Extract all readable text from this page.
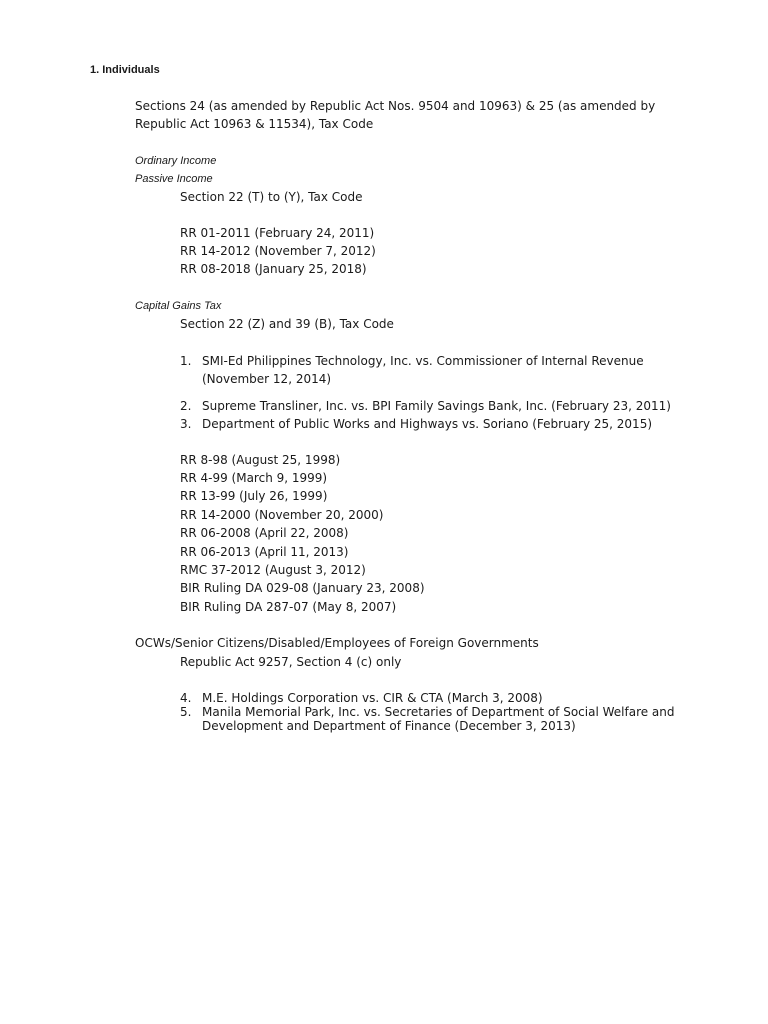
1. Individuals
Sections 24 (as amended by Republic Act Nos. 9504 and 10963) & 25 (as amended by
Republic Act 10963 & 11534), Tax Code
Ordinary Income
Passive Income
Section 22 (T) to (Y), Tax Code
RR 01-2011 (February 24, 2011)
RR 14-2012 (November 7, 2012)
RR 08-2018 (January 25, 2018)
Capital Gains Tax
Section 22 (Z) and 39 (B), Tax Code
1. SMI-Ed Philippines Technology, Inc. vs. Commissioner of Internal Revenue
(November 12, 2014)
2. Supreme Transliner, Inc. vs. BPI Family Savings Bank, Inc. (February 23, 2011)
3. Department of Public Works and Highways vs. Soriano (February 25, 2015)
RR 8-98 (August 25, 1998)
RR 4-99 (March 9, 1999)
RR 13-99 (July 26, 1999)
RR 14-2000 (November 20, 2000)
RR 06-2008 (April 22, 2008)
RR 06-2013 (April 11, 2013)
RMC 37-2012 (August 3, 2012)
BIR Ruling DA 029-08 (January 23, 2008)
BIR Ruling DA 287-07 (May 8, 2007)
OCWs/Senior Citizens/Disabled/Employees of Foreign Governments
Republic Act 9257, Section 4 (c) only
4. M.E. Holdings Corporation vs. CIR & CTA (March 3, 2008)
5. Manila Memorial Park, Inc. vs. Secretaries of Department of Social Welfare and
Development and Department of Finance (December 3, 2013)
